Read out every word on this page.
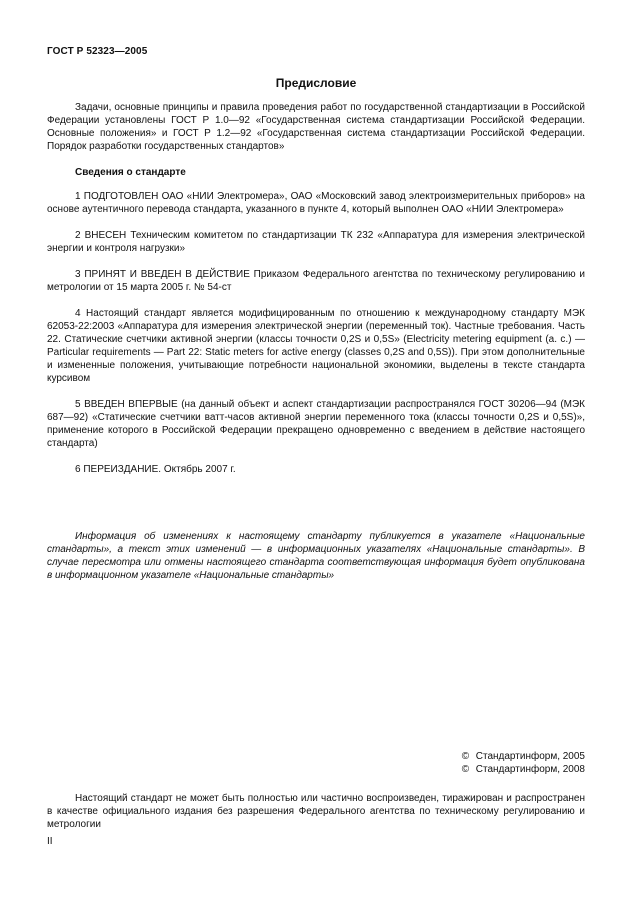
ГОСТ Р 52323—2005
Предисловие

Задачи, основные принципы и правила проведения работ по государственной стандартизации в Российской Федерации установлены ГОСТ Р 1.0—92 «Государственная система стандартизации Российской Федерации. Основные положения» и ГОСТ Р 1.2—92 «Государственная система стандартизации Российской Федерации. Порядок разработки государственных стандартов»

Сведения о стандарте

1 ПОДГОТОВЛЕН ОАО «НИИ Электромера», ОАО «Московский завод электроизмерительных приборов» на основе аутентичного перевода стандарта, указанного в пункте 4, который выполнен ОАО «НИИ Электромера»

2 ВНЕСЕН Техническим комитетом по стандартизации ТК 232 «Аппаратура для измерения электрической энергии и контроля нагрузки»

3 ПРИНЯТ И ВВЕДЕН В ДЕЙСТВИЕ Приказом Федерального агентства по техническому регулированию и метрологии от 15 марта 2005 г. № 54-ст

4 Настоящий стандарт является модифицированным по отношению к международному стандарту МЭК 62053-22:2003 «Аппаратура для измерения электрической энергии (переменный ток). Частные требования. Часть 22. Статические счетчики активной энергии (классы точности 0,2S и 0,5S» (Electricity metering equipment (а. с.) — Particular requirements — Part 22: Static meters for active energy (classes 0,2S and 0,5S)). При этом дополнительные и измененные положения, учитывающие потребности национальной экономики, выделены в тексте стандарта курсивом

5 ВВЕДЕН ВПЕРВЫЕ (на данный объект и аспект стандартизации распространялся ГОСТ 30206—94 (МЭК 687—92) «Статические счетчики ватт-часов активной энергии переменного тока (классы точности 0,2S и 0,5S)», применение которого в Российской Федерации прекращено одновременно с введением в действие настоящего стандарта)

6 ПЕРЕИЗДАНИЕ. Октябрь 2007 г.

Информация об изменениях к настоящему стандарту публикуется в указателе «Национальные стандарты», а текст этих изменений — в информационных указателях «Национальные стандарты». В случае пересмотра или отмены настоящего стандарта соответствующая информация будет опубликована в информационном указателе «Национальные стандарты»

© Стандартинформ, 2005
© Стандартинформ, 2008

Настоящий стандарт не может быть полностью или частично воспроизведен, тиражирован и распространен в качестве официального издания без разрешения Федерального агентства по техническому регулированию и метрологии

II
